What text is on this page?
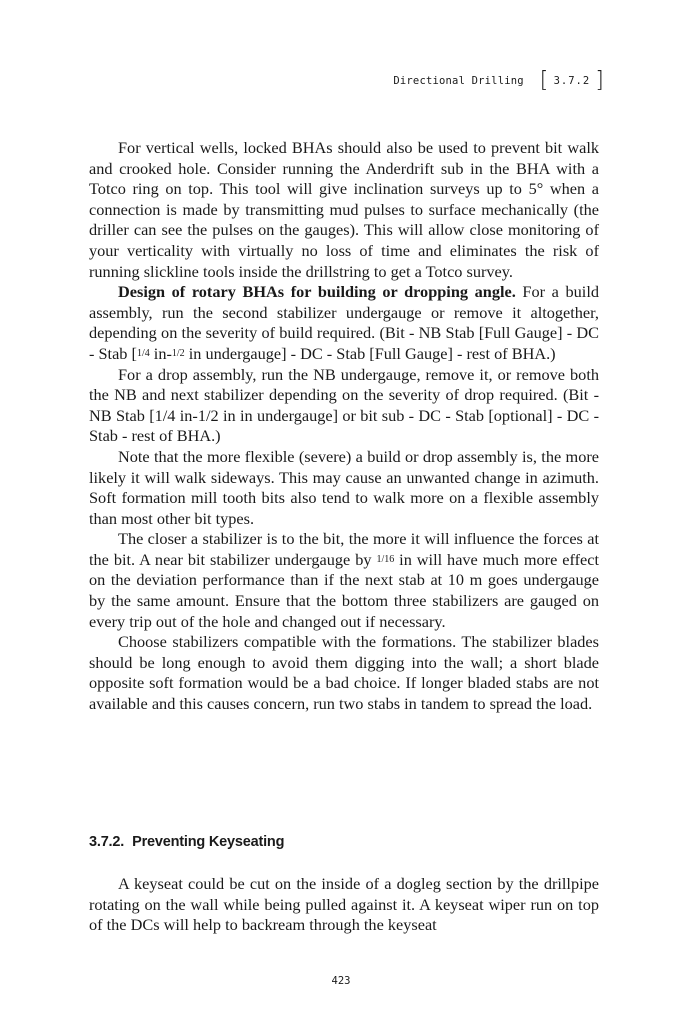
Directional Drilling [ 3.7.2 ]

For vertical wells, locked BHAs should also be used to prevent bit walk and crooked hole. Consider running the Anderdrift sub in the BHA with a Totco ring on top. This tool will give inclination surveys up to 5° when a connection is made by transmitting mud pulses to surface mechanically (the driller can see the pulses on the gauges). This will allow close monitoring of your verticality with virtually no loss of time and eliminates the risk of running slickline tools inside the drillstring to get a Totco survey.

Design of rotary BHAs for building or dropping angle. For a build assembly, run the second stabilizer undergauge or remove it altogether, depending on the severity of build required. (Bit - NB Stab [Full Gauge] - DC - Stab [1/4 in-1/2 in undergauge] - DC - Stab [Full Gauge] - rest of BHA.)

For a drop assembly, run the NB undergauge, remove it, or remove both the NB and next stabilizer depending on the severity of drop required. (Bit - NB Stab [1/4 in-1/2 in in undergauge] or bit sub - DC - Stab [optional] - DC - Stab - rest of BHA.)

Note that the more flexible (severe) a build or drop assembly is, the more likely it will walk sideways. This may cause an unwanted change in azimuth. Soft formation mill tooth bits also tend to walk more on a flexible assembly than most other bit types.

The closer a stabilizer is to the bit, the more it will influence the forces at the bit. A near bit stabilizer undergauge by 1/16 in will have much more effect on the deviation performance than if the next stab at 10 m goes undergauge by the same amount. Ensure that the bottom three stabilizers are gauged on every trip out of the hole and changed out if necessary.

Choose stabilizers compatible with the formations. The stabilizer blades should be long enough to avoid them digging into the wall; a short blade opposite soft formation would be a bad choice. If longer bladed stabs are not available and this causes concern, run two stabs in tandem to spread the load.

3.7.2. Preventing Keyseating

A keyseat could be cut on the inside of a dogleg section by the drillpipe rotating on the wall while being pulled against it. A keyseat wiper run on top of the DCs will help to backream through the keyseat

423
